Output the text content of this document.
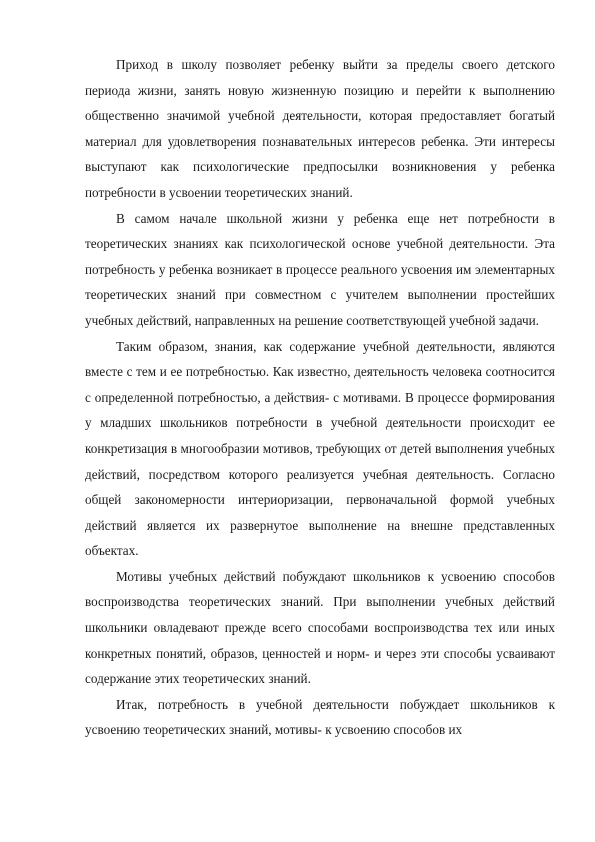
Приход в школу позволяет ребенку выйти за пределы своего детского периода жизни, занять новую жизненную позицию и перейти к выполнению общественно значимой учебной деятельности, которая предоставляет богатый материал для удовлетворения познавательных интересов ребенка. Эти интересы выступают как психологические предпосылки возникновения у ребенка потребности в усвоении теоретических знаний.

В самом начале школьной жизни у ребенка еще нет потребности в теоретических знаниях как психологической основе учебной деятельности. Эта потребность у ребенка возникает в процессе реального усвоения им элементарных теоретических знаний при совместном с учителем выполнении простейших учебных действий, направленных на решение соответствующей учебной задачи.

Таким образом, знания, как содержание учебной деятельности, являются вместе с тем и ее потребностью. Как известно, деятельность человека соотносится с определенной потребностью, а действия- с мотивами. В процессе формирования у младших школьников потребности в учебной деятельности происходит ее конкретизация в многообразии мотивов, требующих от детей выполнения учебных действий, посредством которого реализуется учебная деятельность. Согласно общей закономерности интериоризации, первоначальной формой учебных действий является их развернутое выполнение на внешне представленных объектах.

Мотивы учебных действий побуждают школьников к усвоению способов воспроизводства теоретических знаний. При выполнении учебных действий школьники овладевают прежде всего способами воспроизводства тех или иных конкретных понятий, образов, ценностей и норм- и через эти способы усваивают содержание этих теоретических знаний.

Итак, потребность в учебной деятельности побуждает школьников к усвоению теоретических знаний, мотивы- к усвоению способов их
